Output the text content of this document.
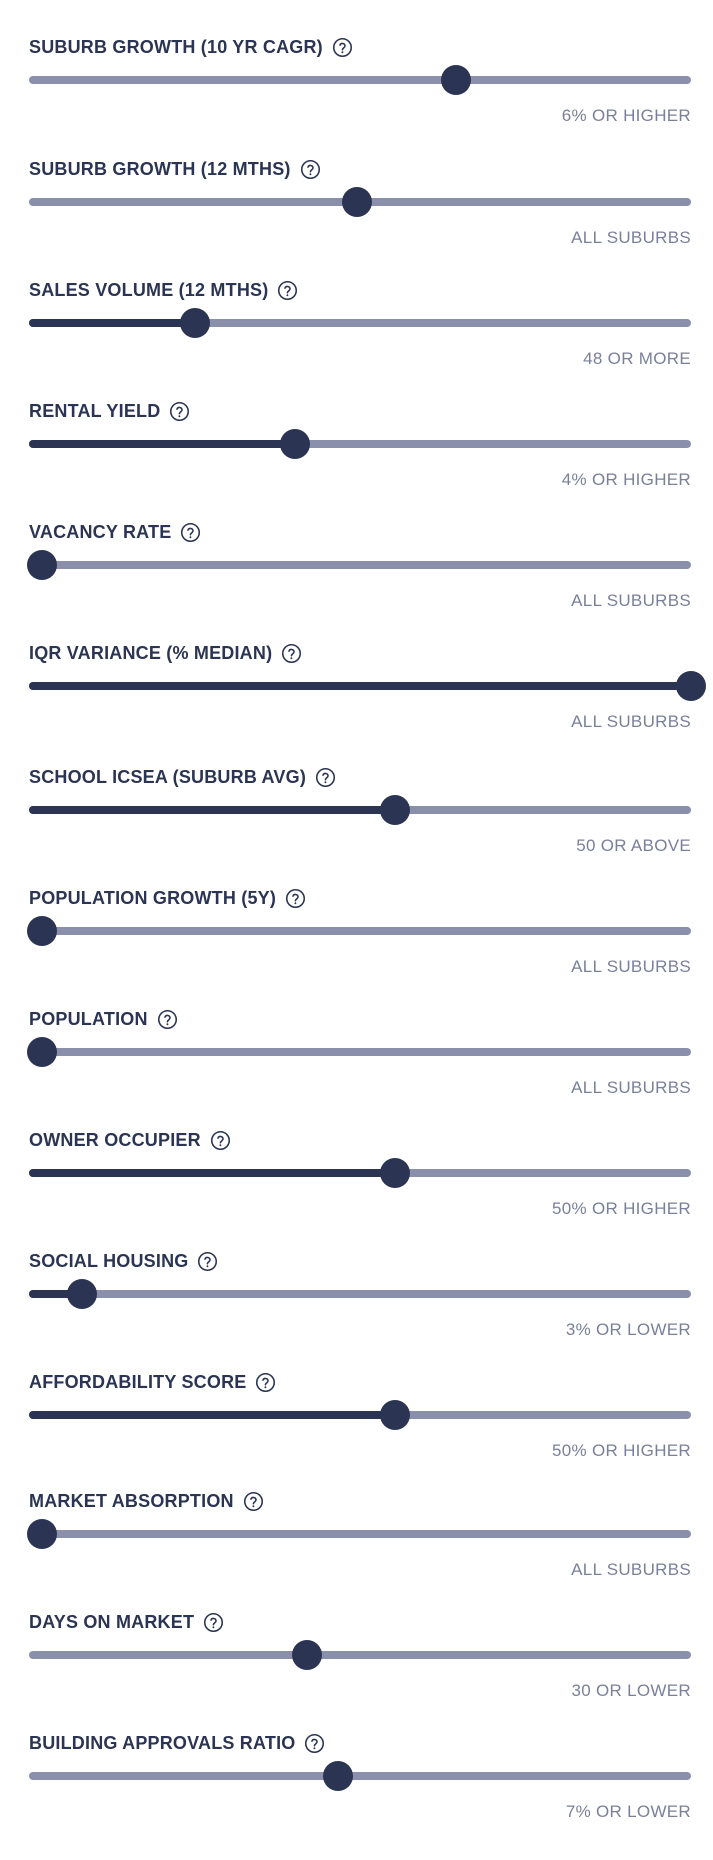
SUBURB GROWTH (10 YR CAGR)
6% OR HIGHER
SUBURB GROWTH (12 MTHS)
ALL SUBURBS
SALES VOLUME (12 MTHS)
48 OR MORE
RENTAL YIELD
4% OR HIGHER
VACANCY RATE
ALL SUBURBS
IQR VARIANCE (% MEDIAN)
ALL SUBURBS
SCHOOL ICSEA (SUBURB AVG)
50 OR ABOVE
POPULATION GROWTH (5Y)
ALL SUBURBS
POPULATION
ALL SUBURBS
OWNER OCCUPIER
50% OR HIGHER
SOCIAL HOUSING
3% OR LOWER
AFFORDABILITY SCORE
50% OR HIGHER
MARKET ABSORPTION
ALL SUBURBS
DAYS ON MARKET
30 OR LOWER
BUILDING APPROVALS RATIO
7% OR LOWER
